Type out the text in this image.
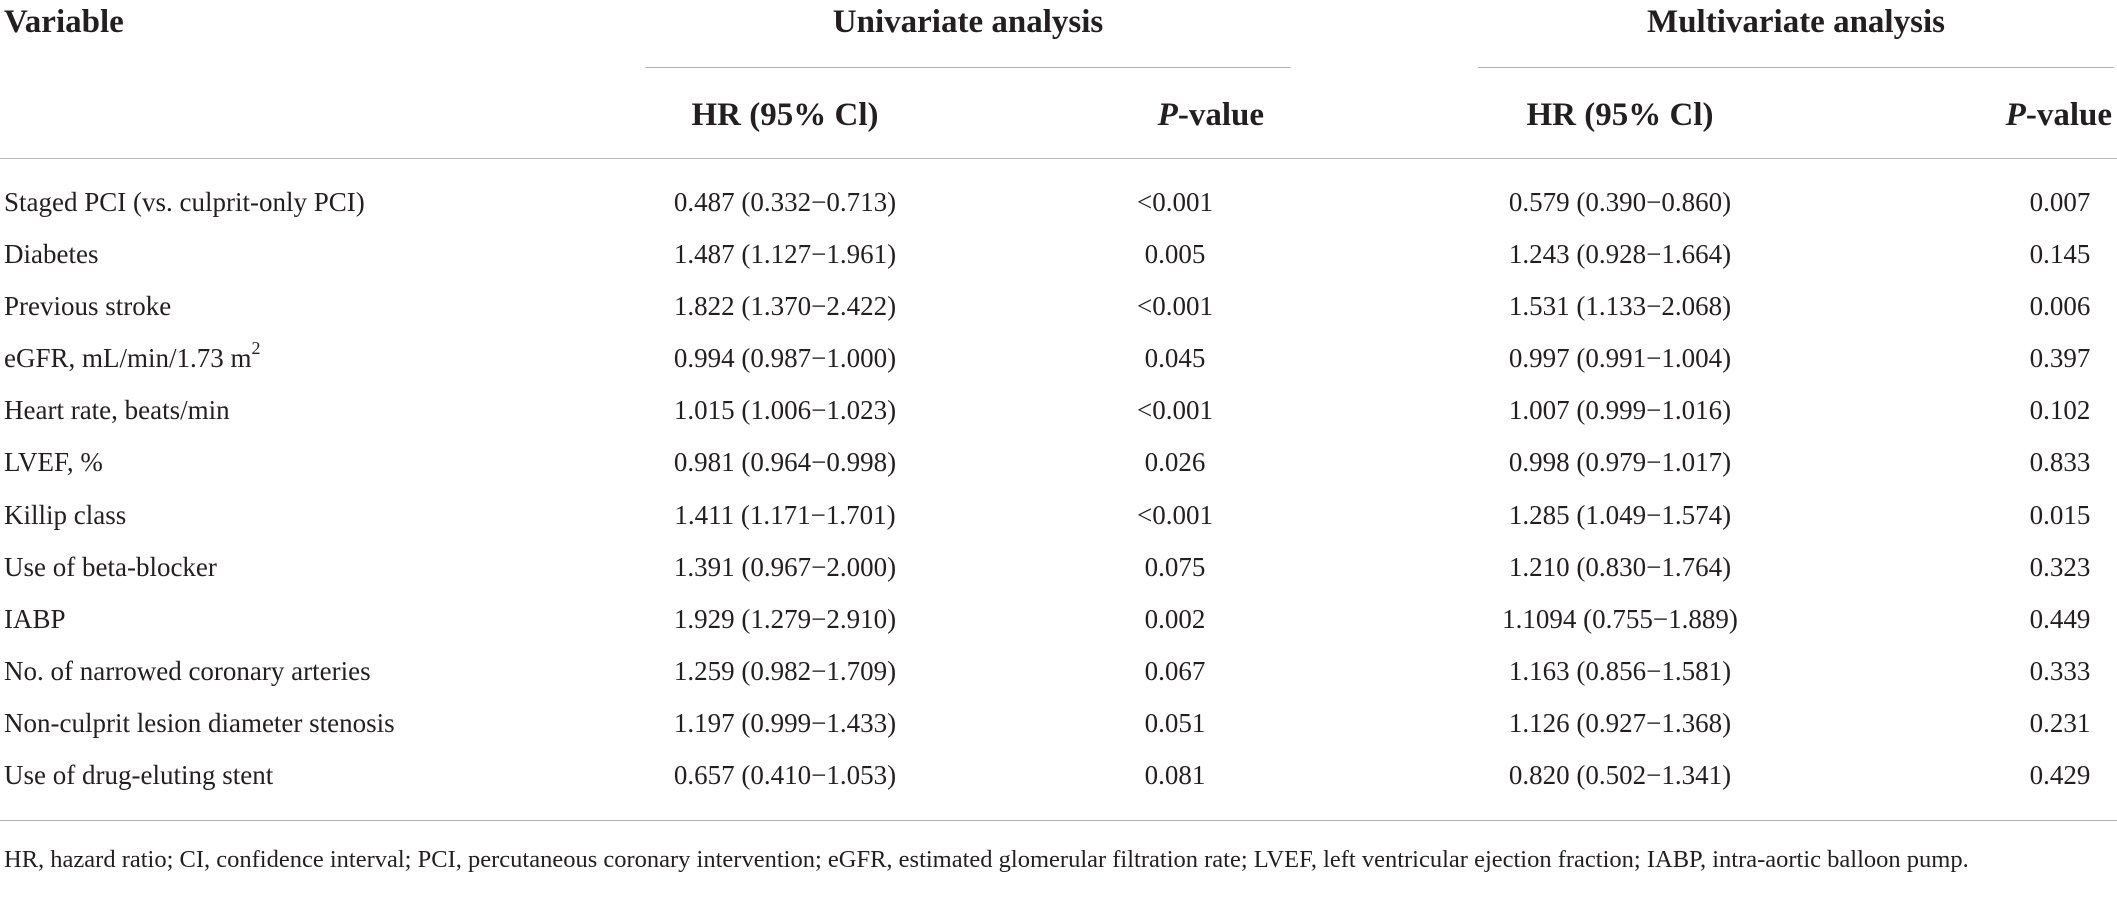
Variable	Univariate analysis	Multivariate analysis
HR (95% Cl)	P-value	HR (95% Cl)	P-value
Staged PCI (vs. culprit-only PCI)	0.487 (0.332−0.713)	<0.001	0.579 (0.390−0.860)	0.007
Diabetes	1.487 (1.127−1.961)	0.005	1.243 (0.928−1.664)	0.145
Previous stroke	1.822 (1.370−2.422)	<0.001	1.531 (1.133−2.068)	0.006
eGFR, mL/min/1.73 $m^2$	0.994 (0.987−1.000)	0.045	0.997 (0.991−1.004)	0.397
Heart rate, beats/min	1.015 (1.006−1.023)	<0.001	1.007 (0.999−1.016)	0.102
LVEF, %	0.981 (0.964−0.998)	0.026	0.998 (0.979−1.017)	0.833
Killip class	1.411 (1.171−1.701)	<0.001	1.285 (1.049−1.574)	0.015
Use of beta-blocker	1.391 (0.967−2.000)	0.075	1.210 (0.830−1.764)	0.323
IABP	1.929 (1.279−2.910)	0.002	1.1094 (0.755−1.889)	0.449
No. of narrowed coronary arteries	1.259 (0.982−1.709)	0.067	1.163 (0.856−1.581)	0.333
Non-culprit lesion diameter stenosis	1.197 (0.999−1.433)	0.051	1.126 (0.927−1.368)	0.231
Use of drug-eluting stent	0.657 (0.410−1.053)	0.081	0.820 (0.502−1.341)	0.429
HR, hazard ratio; CI, confidence interval; PCI, percutaneous coronary intervention; eGFR, estimated glomerular filtration rate; LVEF, left ventricular ejection fraction; IABP, intra-aortic balloon pump.
